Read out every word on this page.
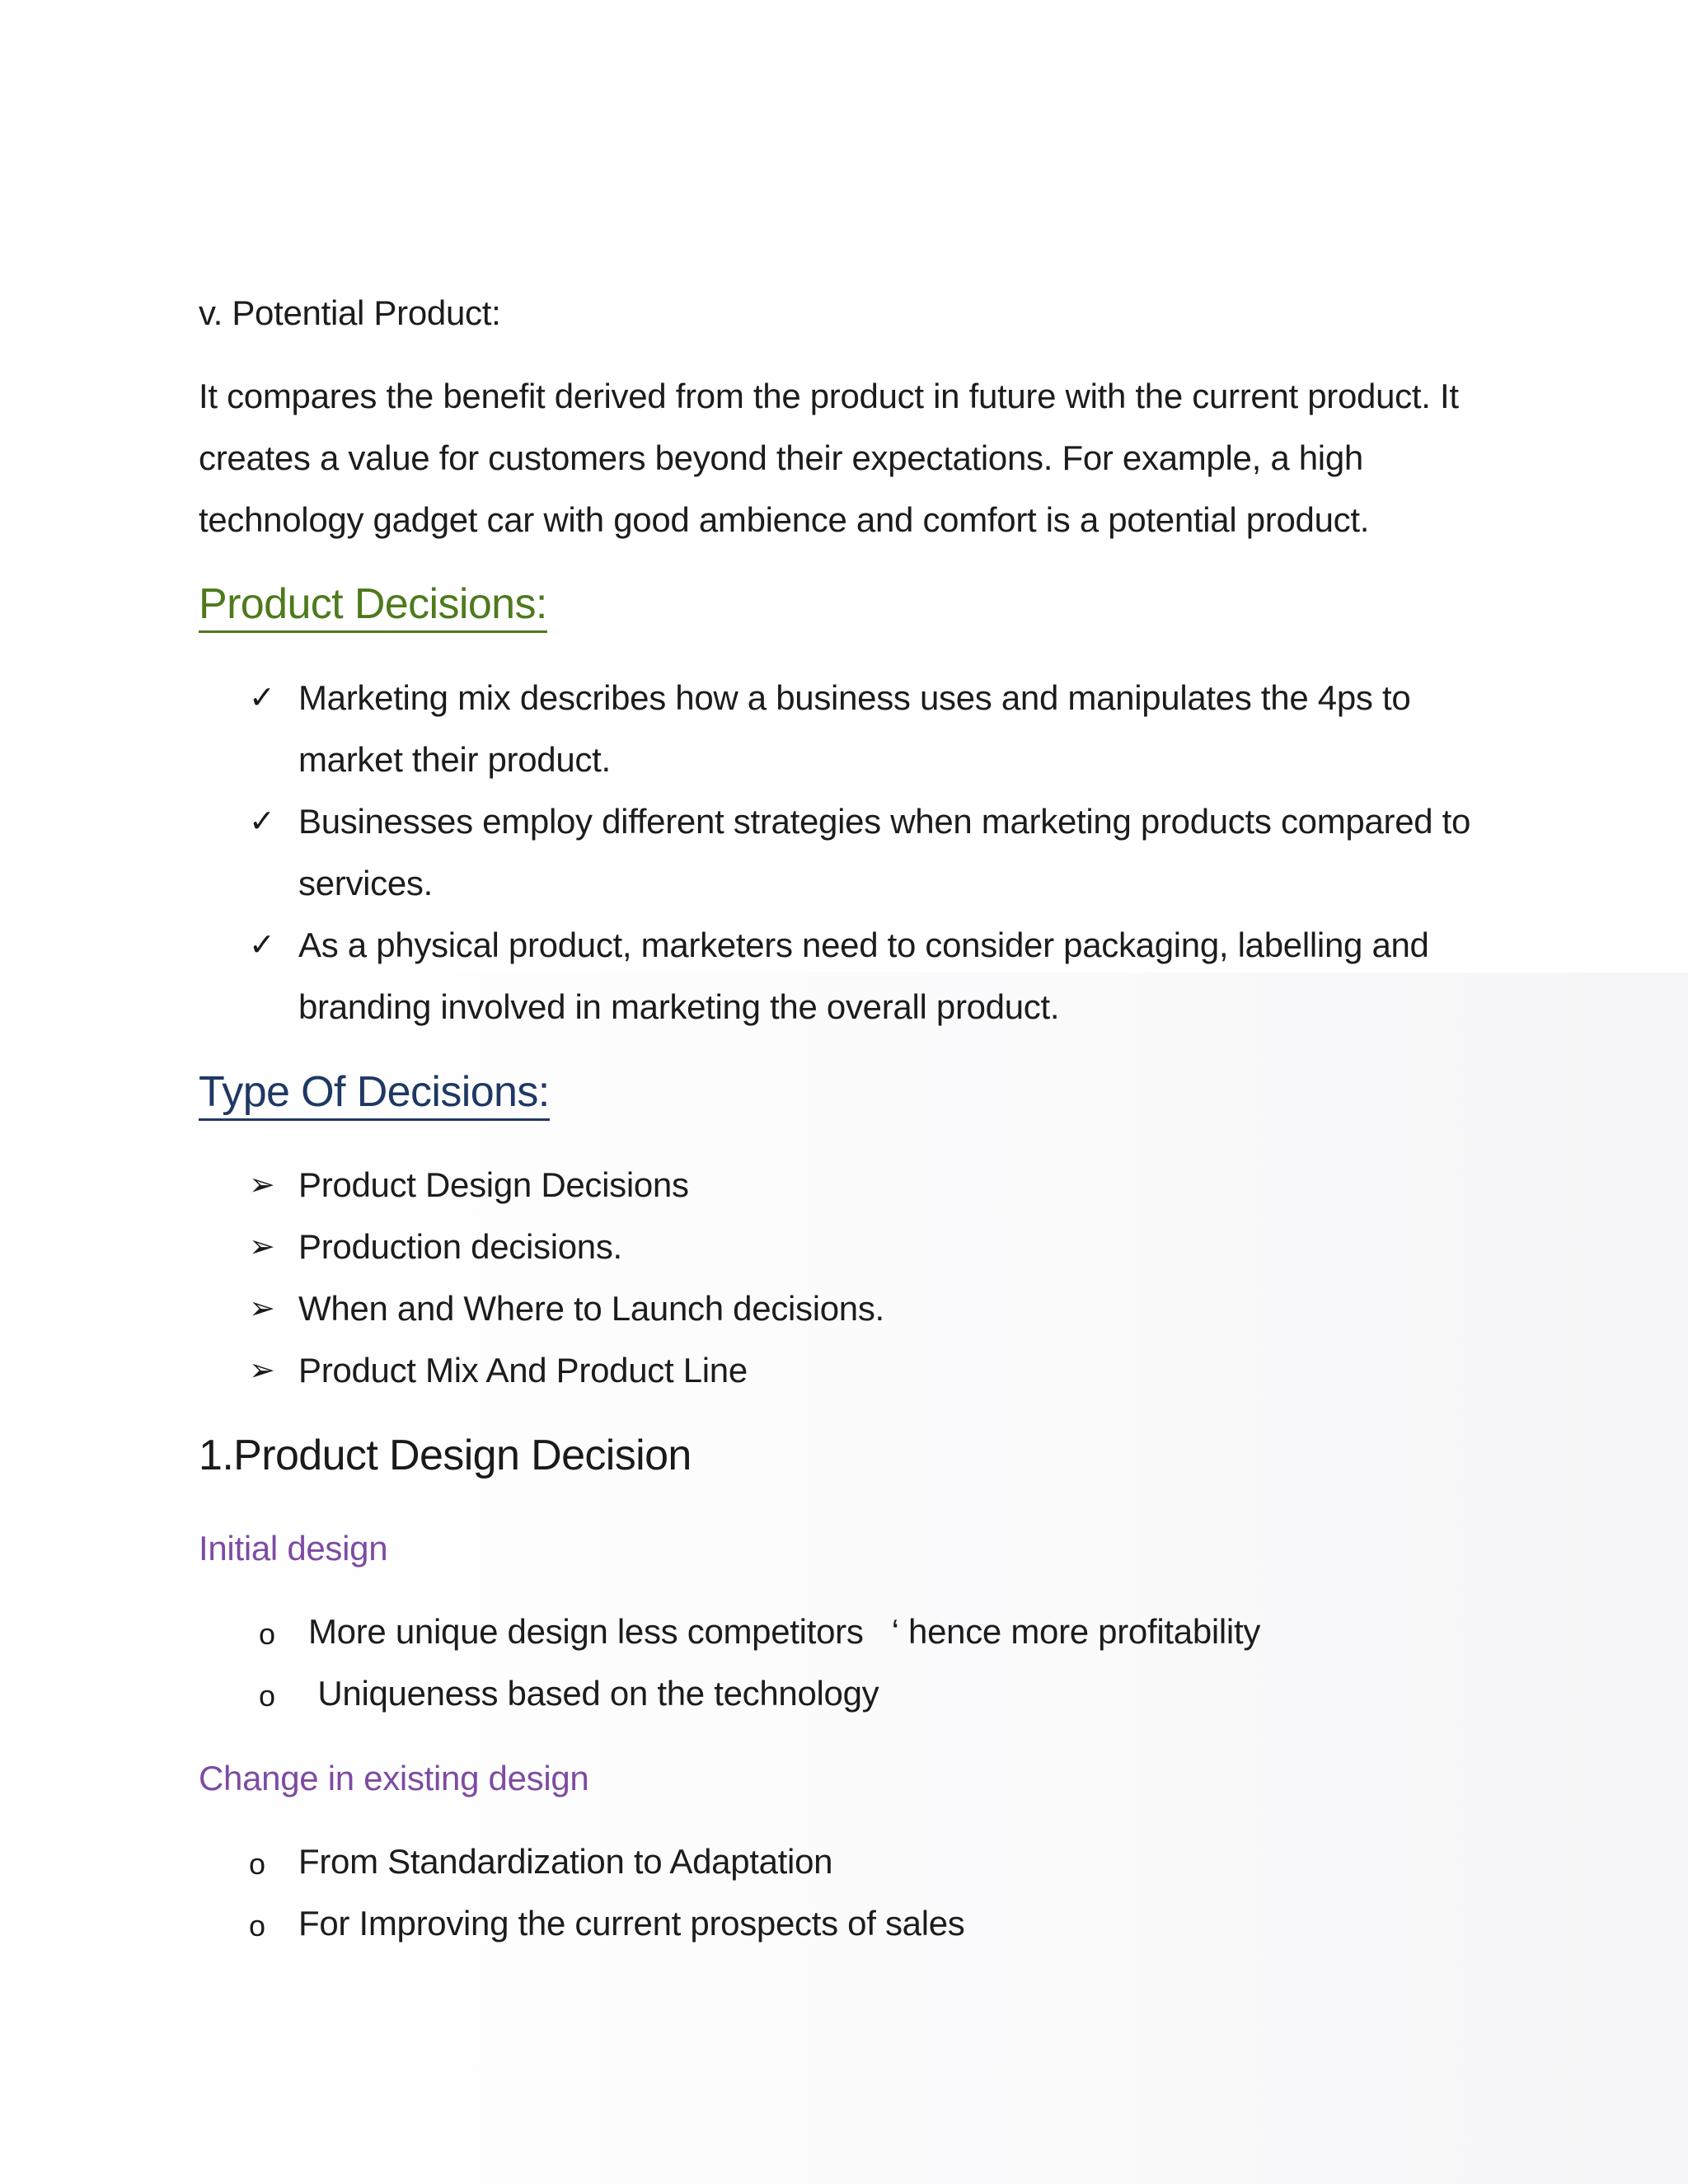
v. Potential Product:
It compares the benefit derived from the product in future with the current product. It
creates a value for customers beyond their expectations. For example, a high
technology gadget car with good ambience and comfort is a potential product.
Product Decisions:
✓ Marketing mix describes how a business uses and manipulates the 4ps to
market their product.
✓ Businesses employ different strategies when marketing products compared to
services.
✓ As a physical product, marketers need to consider packaging, labelling and
branding involved in marketing the overall product.
Type Of Decisions:
➢ Product Design Decisions
➢ Production decisions.
➢ When and Where to Launch decisions.
➢ Product Mix And Product Line
1.Product Design Decision
Initial design
o More unique design less competitors   ‘ hence more profitability
o Uniqueness based on the technology
Change in existing design
o From Standardization to Adaptation
o For Improving the current prospects of sales
